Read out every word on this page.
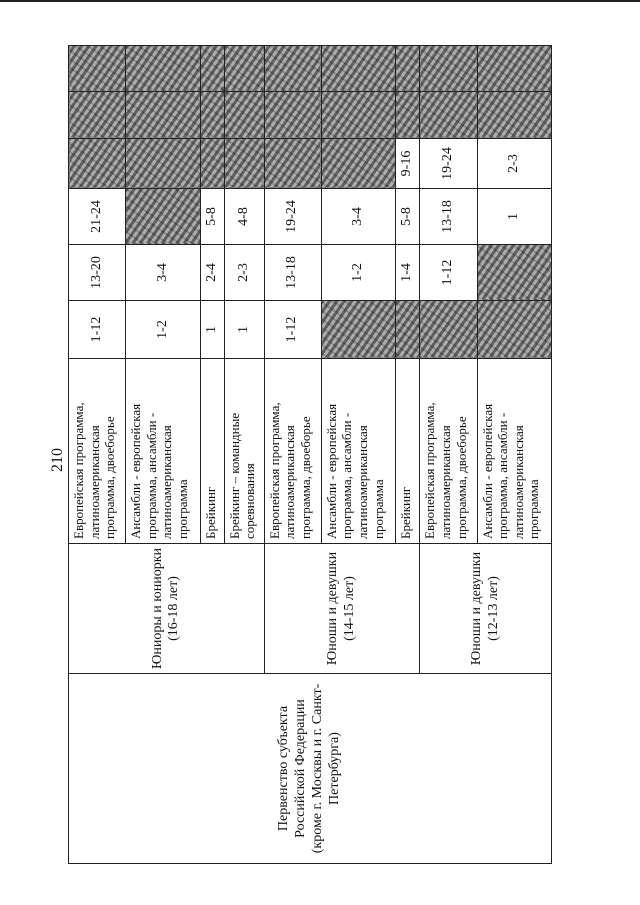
210
Первенство субъекта Российской Федерации (кроме г. Москвы и г. Санкт-Петербурга)	Юниоры и юниорки (16-18 лет)	Европейская программа, латиноамериканская программа, двоеборье	1-12	13-20	21-24			
		Ансамбли - европейская программа, ансамбли - латиноамериканская программа	1-2	3-4				
		Брейкинг	1	2-4	5-8			
		Брейкинг – командные соревнования	1	2-3	4-8			
	Юноши и девушки (14-15 лет)	Европейская программа, латиноамериканская программа, двоеборье	1-12	13-18	19-24			
		Ансамбли - европейская программа, ансамбли - латиноамериканская программа		1-2	3-4			
		Брейкинг		1-4	5-8	9-16		
	Юноши и девушки (12-13 лет)	Европейская программа, латиноамериканская программа, двоеборье		1-12	13-18	19-24		
		Ансамбли - европейская программа, ансамбли - латиноамериканская программа			1	2-3		
